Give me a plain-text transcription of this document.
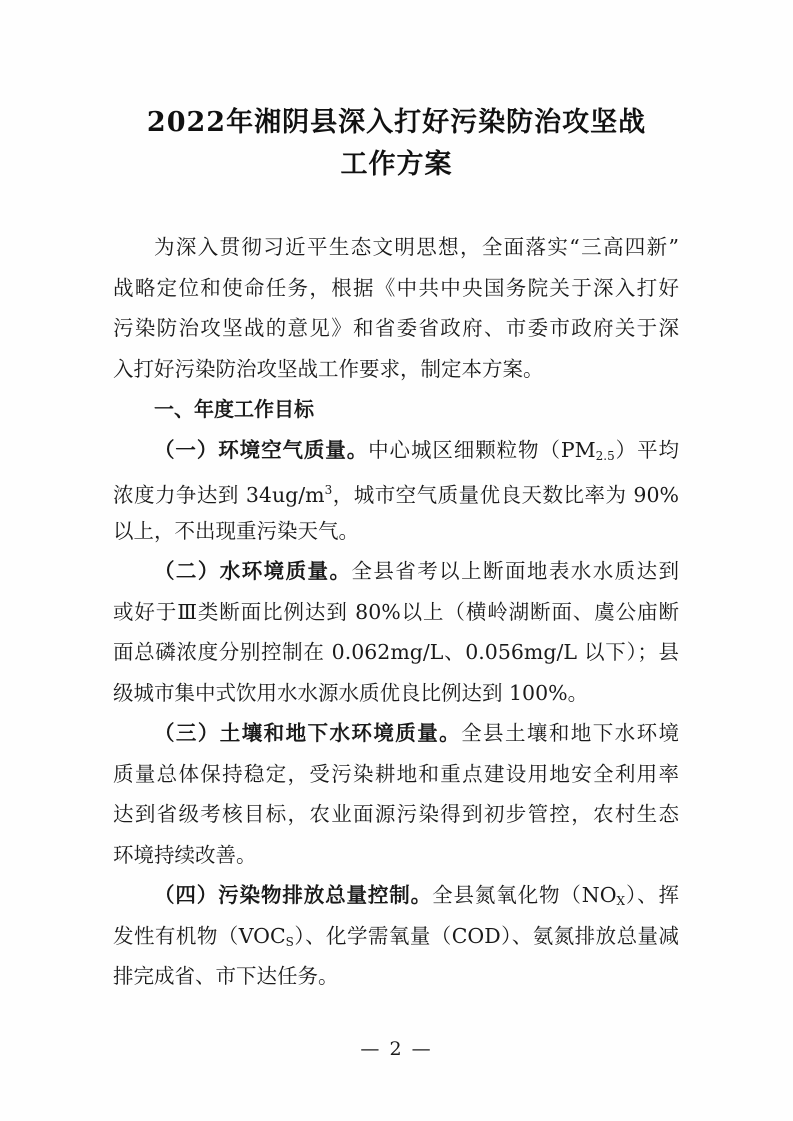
2022年湘阴县深入打好污染防治攻坚战
工作方案
为深入贯彻习近平生态文明思想，全面落实“三高四新”
战略定位和使命任务，根据《中共中央国务院关于深入打好
污染防治攻坚战的意见》和省委省政府、市委市政府关于深
入打好污染防治攻坚战工作要求，制定本方案。
一、年度工作目标
（一）环境空气质量。中心城区细颗粒物$(PM_{2.5})$平均
浓度力争达到 $34ug/m^3$，城市空气质量优良天数比率为 90%
以上，不出现重污染天气。
（二）水环境质量。全县省考以上断面地表水水质达到
或好于Ⅲ类断面比例达到 80%以上（横岭湖断面、虞公庙断
面总磷浓度分别控制在 0.062mg/L、0.056mg/L 以下）；县
级城市集中式饮用水水源水质优良比例达到 100%。
（三）土壤和地下水环境质量。全县土壤和地下水环境
质量总体保持稳定，受污染耕地和重点建设用地安全利用率
达到省级考核目标，农业面源污染得到初步管控，农村生态
环境持续改善。
（四）污染物排放总量控制。全县氮氧化物$(NO_X)$、挥
发性有机物$(VOC_S)$、化学需氧量（COD）、氨氮排放总量减
排完成省、市下达任务。
— 2 —
